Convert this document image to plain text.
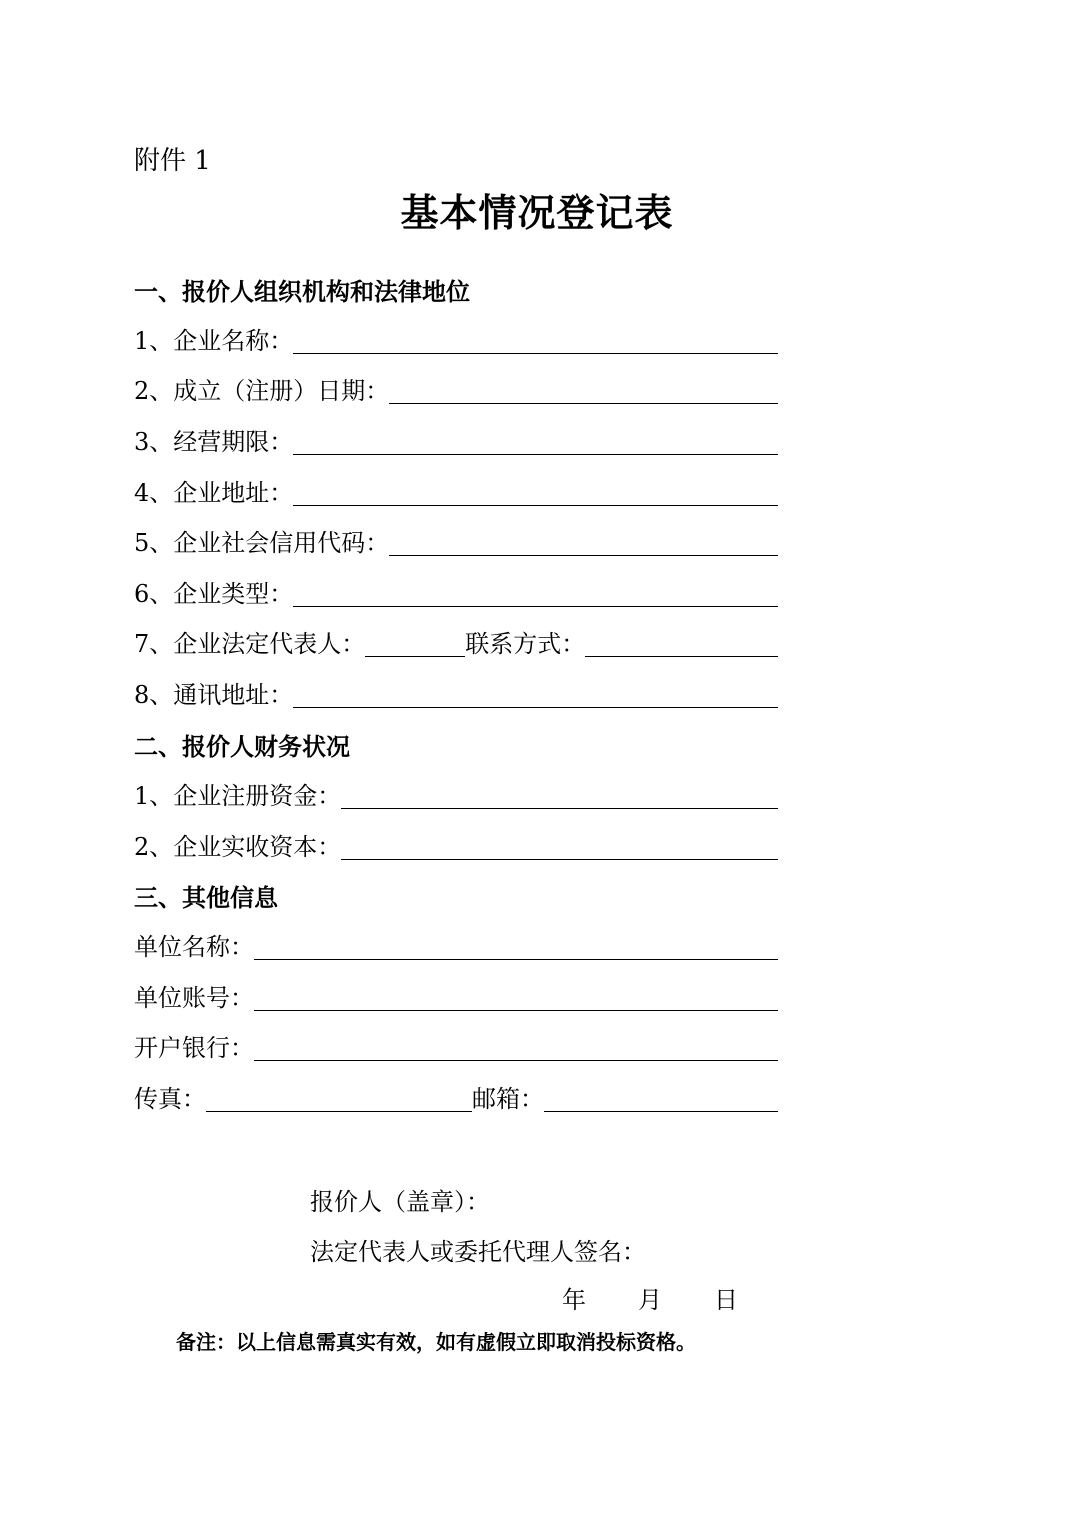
附件 1
基本情况登记表
一、报价人组织机构和法律地位
1、企业名称：
2、成立（注册）日期：
3、经营期限：
4、企业地址：
5、企业社会信用代码：
6、企业类型：
7、企业法定代表人：	联系方式：
8、通讯地址：
二、报价人财务状况
1、企业注册资金：
2、企业实收资本：
三、其他信息
单位名称：
单位账号：
开户银行：
传真：	邮箱：
报价人（盖章）：
法定代表人或委托代理人签名：
年	月	日
备注：以上信息需真实有效，如有虚假立即取消投标资格。
